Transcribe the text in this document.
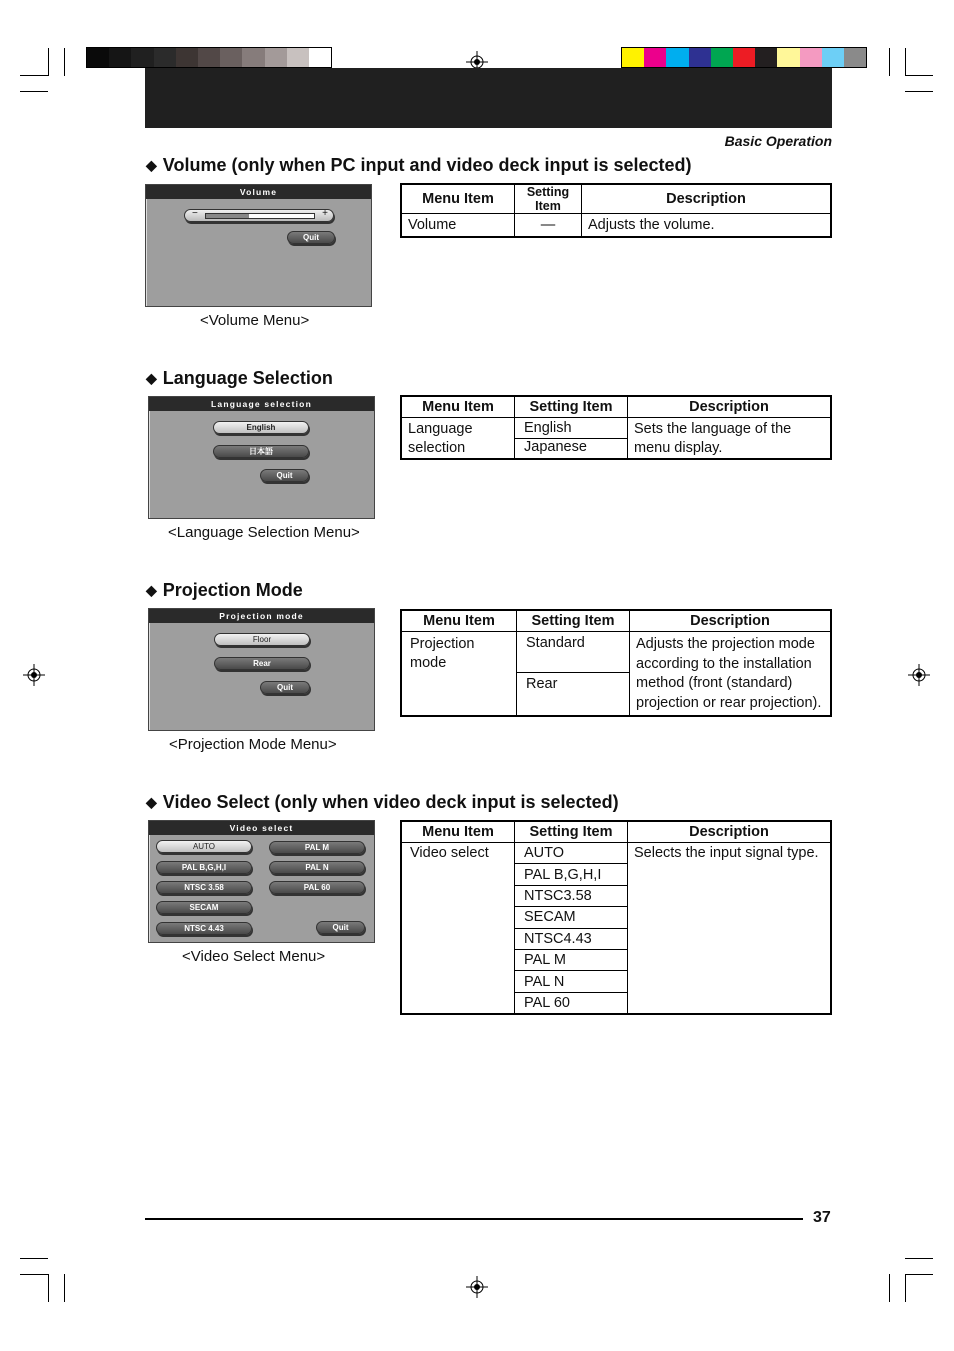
Basic Operation
◆ Volume (only when PC input and video deck input is selected)
Volume
−	+
Quit
<Volume Menu>
Menu Item	Setting Item	Description
Volume	—	Adjusts the volume.
◆ Language Selection
Language selection
English
日本語
Quit
<Language Selection Menu>
Menu Item	Setting Item	Description
Language selection	English	Sets the language of the menu display.
	Japanese	
◆ Projection Mode
Projection mode
Floor
Rear
Quit
<Projection Mode Menu>
Menu Item	Setting Item	Description
Projection mode	Standard	Adjusts the projection mode according to the installation method (front (standard) projection or rear projection).
	Rear	
◆ Video Select (only when video deck input is selected)
Video select
AUTO
PAL B,G,H,I
NTSC 3.58
SECAM
NTSC 4.43
PAL M
PAL N
PAL 60
Quit
<Video Select Menu>
Menu Item	Setting Item	Description
Video select	AUTO	Selects the input signal type.
	PAL B,G,H,I	
	NTSC3.58	
	SECAM	
	NTSC4.43	
	PAL M	
	PAL N	
	PAL 60	
37
